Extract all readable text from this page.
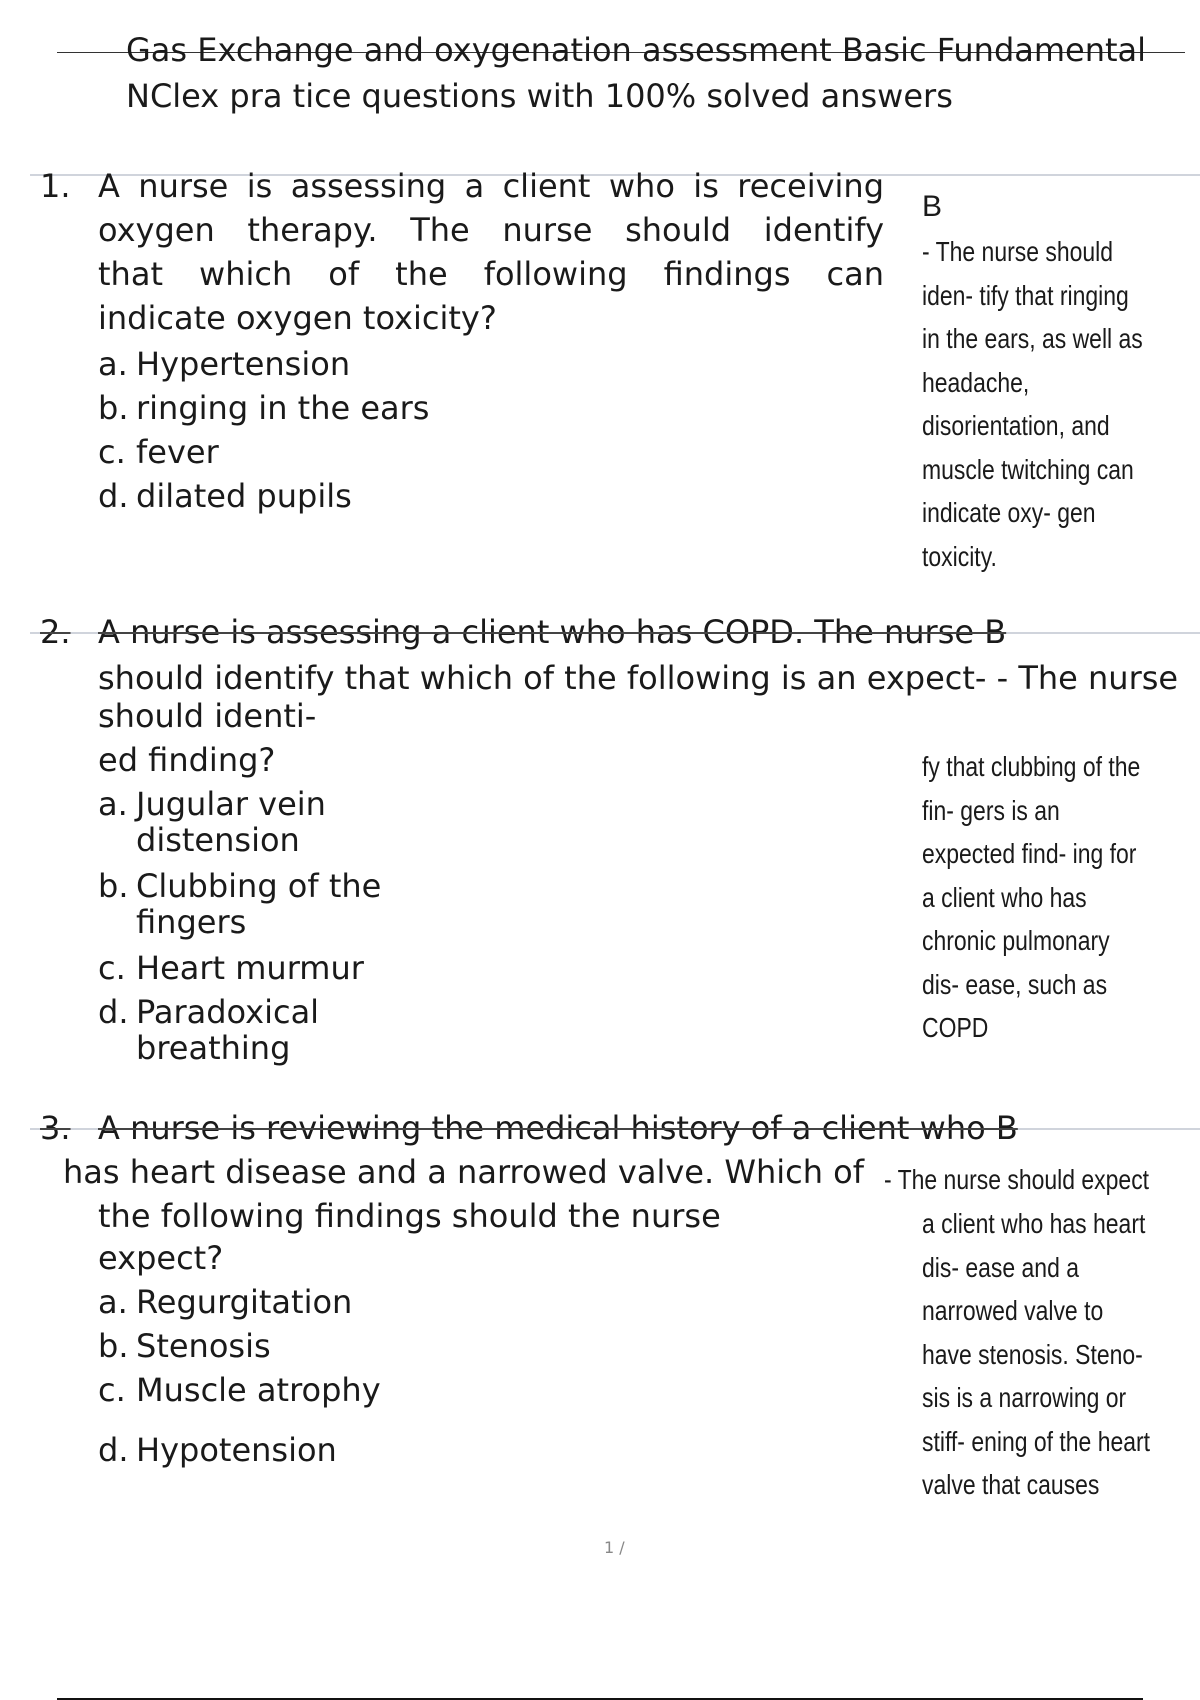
Gas Exchange and oxygenation assessment Basic Fundamental
NClex pra tice questions with 100% solved answers
1. A nurse is assessing a client who is receiving
oxygen therapy. The nurse should identify
that which of the following findings can
indicate oxygen toxicity?
a. Hypertension
b. ringing in the ears
c. fever
d. dilated pupils
B
- The nurse should
iden- tify that ringing
in the ears, as well as
headache,
disorientation, and
muscle twitching can
indicate oxy- gen
toxicity.
2. A nurse is assessing a client who has COPD. The nurse B
should identify that which of the following is an expect- - The nurse
should identi-
ed finding?
a. Jugular vein
distension
b. Clubbing of the
fingers
c. Heart murmur
d. Paradoxical
breathing
fy that clubbing of the
fin- gers is an
expected find- ing for
a client who has
chronic pulmonary
dis- ease, such as
COPD
3. A nurse is reviewing the medical history of a client who B
has heart disease and a narrowed valve. Which of
the following findings should the nurse
expect?
a. Regurgitation
b. Stenosis
c. Muscle atrophy
d. Hypotension
- The nurse should expect
a client who has heart
dis- ease and a
narrowed valve to
have stenosis. Steno-
sis is a narrowing or
stiff- ening of the heart
valve that causes
1 /
